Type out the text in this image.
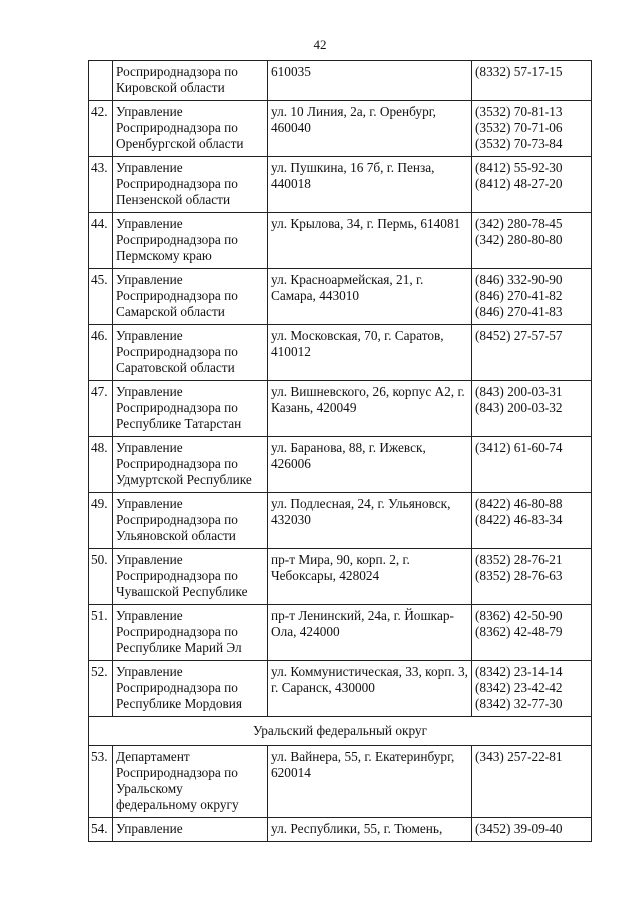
42
	Росприроднадзора по
Кировской области	610035	(8332) 57-17-15
42.	Управление
Росприроднадзора по
Оренбургской области	ул. 10 Линия, 2а, г. Оренбург,
460040	(3532) 70-81-13
(3532) 70-71-06
(3532) 70-73-84
43.	Управление
Росприроднадзора по
Пензенской области	ул. Пушкина, 16 7б, г. Пенза,
440018	(8412) 55-92-30
(8412) 48-27-20
44.	Управление
Росприроднадзора по
Пермскому краю	ул. Крылова, 34, г. Пермь, 614081	(342) 280-78-45
(342) 280-80-80
45.	Управление
Росприроднадзора по
Самарской области	ул. Красноармейская, 21, г.
Самара, 443010	(846) 332-90-90
(846) 270-41-82
(846) 270-41-83
46.	Управление
Росприроднадзора по
Саратовской области	ул. Московская, 70, г. Саратов,
410012	(8452) 27-57-57
47.	Управление
Росприроднадзора по
Республике Татарстан	ул. Вишневского, 26, корпус А2, г.
Казань, 420049	(843) 200-03-31
(843) 200-03-32
48.	Управление
Росприроднадзора по
Удмуртской Республике	ул. Баранова, 88, г. Ижевск,
426006	(3412) 61-60-74
49.	Управление
Росприроднадзора по
Ульяновской области	ул. Подлесная, 24, г. Ульяновск,
432030	(8422) 46-80-88
(8422) 46-83-34
50.	Управление
Росприроднадзора по
Чувашской Республике	пр-т Мира, 90, корп. 2, г.
Чебоксары, 428024	(8352) 28-76-21
(8352) 28-76-63
51.	Управление
Росприроднадзора по
Республике Марий Эл	пр-т Ленинский, 24а, г. Йошкар-
Ола, 424000	(8362) 42-50-90
(8362) 42-48-79
52.	Управление
Росприроднадзора по
Республике Мордовия	ул. Коммунистическая, 33, корп. 3,
г. Саранск, 430000	(8342) 23-14-14
(8342) 23-42-42
(8342) 32-77-30
Уральский федеральный округ			
53.	Департамент
Росприроднадзора по
Уральскому
федеральному округу	ул. Вайнера, 55, г. Екатеринбург,
620014	(343) 257-22-81
54.	Управление	ул. Республики, 55, г. Тюмень,	(3452) 39-09-40
